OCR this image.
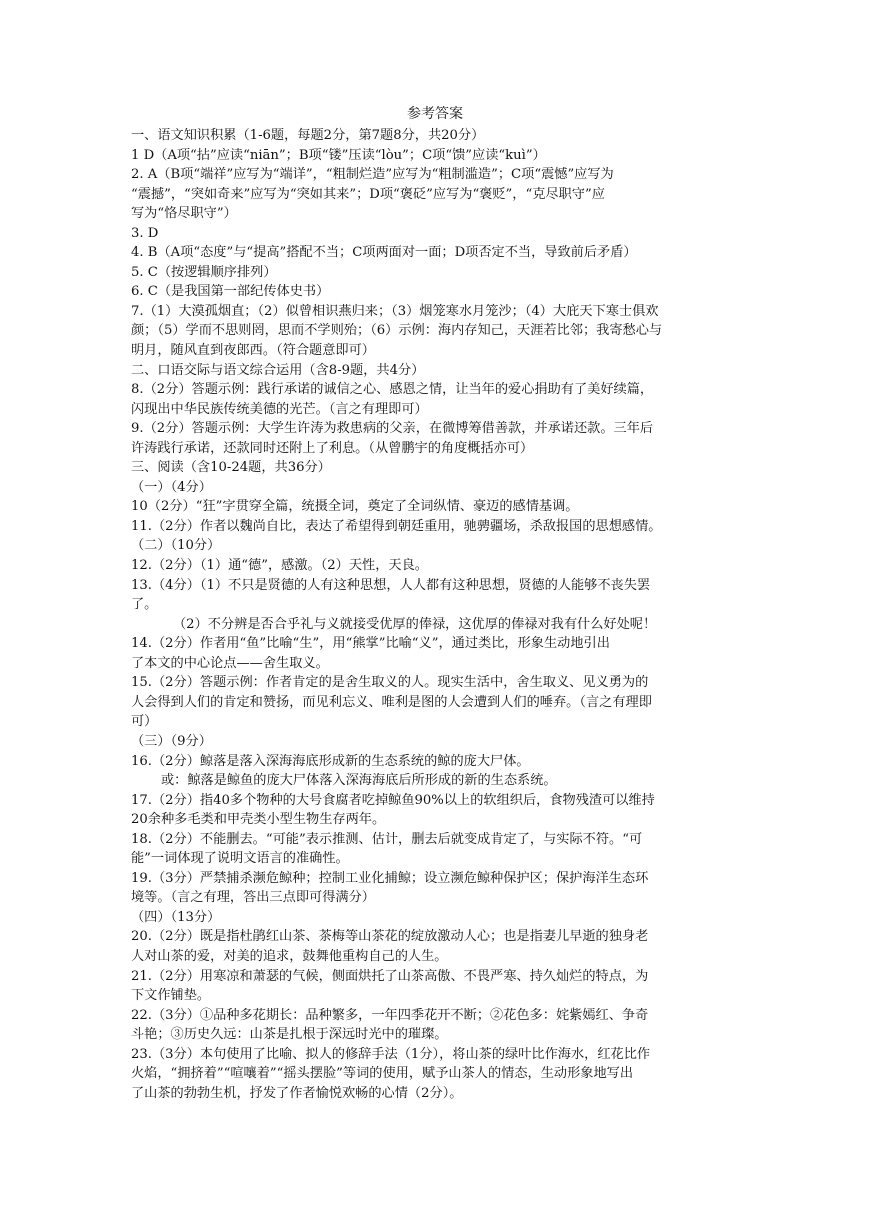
参考答案
一、语文知识积累（1-6题，每题2分，第7题8分，共20分）
1 D（A项“拈”应读“niān”；B项“镂”压读“lòu”；C项“馈”应读“kuì”）
2. A（B项“端祥”应写为“端详”，“粗制烂造”应写为“粗制滥造”；C项“震憾”应写为
“震撼”，“突如奇来”应写为“突如其来”；D项“褒砭”应写为“褒贬”，“克尽职守”应
写为“恪尽职守”）
3. D
4. B（A项“态度”与“提高”搭配不当；C项两面对一面；D项否定不当，导致前后矛盾）
5. C（按逻辑顺序排列）
6. C（是我国第一部纪传体史书）
7.（1）大漠孤烟直；（2）似曾相识燕归来；（3）烟笼寒水月笼沙；（4）大庇天下寒士俱欢
颜；（5）学而不思则罔，思而不学则殆；（6）示例：海内存知己，天涯若比邻；我寄愁心与
明月，随风直到夜郎西。（符合题意即可）
二、口语交际与语文综合运用（含8-9题，共4分）
8.（2分）答题示例：践行承诺的诚信之心、感恩之情，让当年的爱心捐助有了美好续篇，
闪现出中华民族传统美德的光芒。（言之有理即可）
9.（2分）答题示例：大学生许涛为救患病的父亲，在微博筹借善款，并承诺还款。三年后
许涛践行承诺，还款同时还附上了利息。（从曾鹏宇的角度概括亦可）
三、阅读（含10-24题，共36分）
（一）（4分）
10（2分）“狂”字贯穿全篇，统摄全词，奠定了全词纵情、豪迈的感情基调。
11.（2分）作者以魏尚自比，表达了希望得到朝廷重用，驰骋疆场，杀敌报国的思想感情。
（二）（10分）
12.（2分）（1）通“德”，感激。（2）天性，天良。
13.（4分）（1）不只是贤德的人有这种思想，人人都有这种思想，贤德的人能够不丧失罢
了。
（2）不分辨是否合乎礼与义就接受优厚的俸禄，这优厚的俸禄对我有什么好处呢！
14.（2分）作者用“鱼”比喻“生”，用“熊掌”比喻“义”，通过类比，形象生动地引出
了本文的中心论点——舍生取义。
15.（2分）答题示例：作者肯定的是舍生取义的人。现实生活中，舍生取义、见义勇为的
人会得到人们的肯定和赞扬，而见利忘义、唯利是图的人会遭到人们的唾弃。（言之有理即
可）
（三）（9分）
16.（2分）鲸落是落入深海海底形成新的生态系统的鲸的庞大尸体。
或：鲸落是鲸鱼的庞大尸体落入深海海底后所形成的新的生态系统。
17.（2分）指40多个物种的大号食腐者吃掉鲸鱼90%以上的软组织后，食物残渣可以维持
20余种多毛类和甲壳类小型生物生存两年。
18.（2分）不能删去。“可能”表示推测、估计，删去后就变成肯定了，与实际不符。“可
能”一词体现了说明文语言的准确性。
19.（3分）严禁捕杀濒危鲸种；控制工业化捕鲸；设立濒危鲸种保护区；保护海洋生态环
境等。（言之有理，答出三点即可得满分）
（四）（13分）
20.（2分）既是指杜鹃红山茶、茶梅等山茶花的绽放激动人心；也是指妻儿早逝的独身老
人对山茶的爱，对美的追求，鼓舞他重构自己的人生。
21.（2分）用寒凉和萧瑟的气候，侧面烘托了山茶高傲、不畏严寒、持久灿烂的特点，为
下文作铺垫。
22.（3分）①品种多花期长：品种繁多，一年四季花开不断；②花色多：姹紫嫣红、争奇
斗艳；③历史久远：山茶是扎根于深远时光中的璀璨。
23.（3分）本句使用了比喻、拟人的修辞手法（1分），将山茶的绿叶比作海水，红花比作
火焰，“拥挤着”“喧嚷着”“摇头摆脸”等词的使用，赋予山茶人的情态，生动形象地写出
了山茶的勃勃生机，抒发了作者愉悦欢畅的心情（2分）。
